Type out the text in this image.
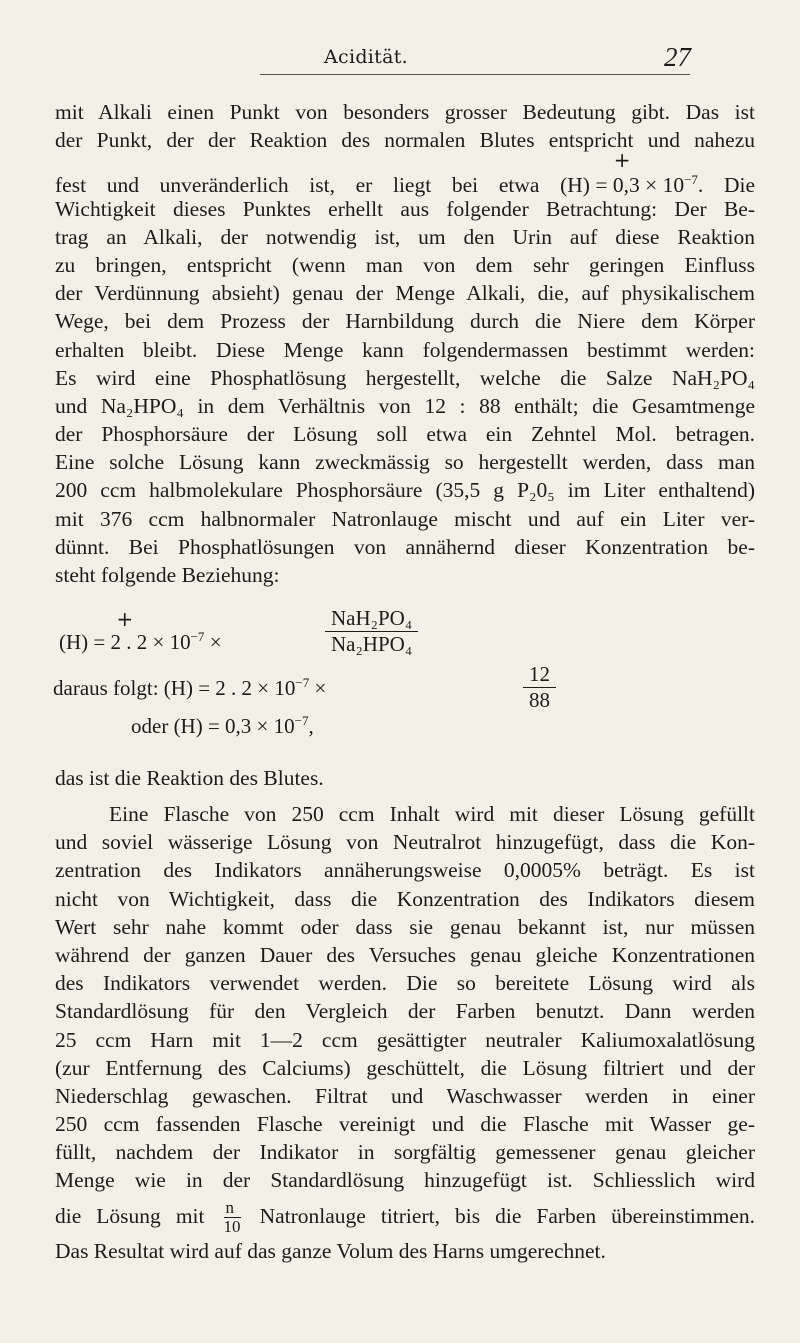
Acidität.	27
mit Alkali einen Punkt von besonders grosser Bedeutung gibt. Das ist
der Punkt, der der Reaktion des normalen Blutes entspricht und nahezu
fest und unveränderlich ist, er liegt bei etwa
+
$(H) = 0,3 \times 10^{-7}$. Die
Wichtigkeit dieses Punktes erhellt aus folgender Betrachtung: Der Be-
trag an Alkali, der notwendig ist, um den Urin auf diese Reaktion
zu bringen, entspricht (wenn man von dem sehr geringen Einfluss
der Verdünnung absieht) genau der Menge Alkali, die, auf physikalischem
Wege, bei dem Prozess der Harnbildung durch die Niere dem Körper
erhalten bleibt. Diese Menge kann folgendermassen bestimmt werden:
Es wird eine Phosphatlösung hergestellt, welche die Salze NaH₂PO₄
und Na₂HPO₄ in dem Verhältnis von 12 : 88 enthält; die Gesamtmenge
der Phosphorsäure der Lösung soll etwa ein Zehntel Mol. betragen.
Eine solche Lösung kann zweckmässig so hergestellt werden, dass man
200 ccm halbmolekulare Phosphorsäure (35,5 g P₂0₅ im Liter enthaltend)
mit 376 ccm halbnormaler Natronlauge mischt und auf ein Liter ver-
dünnt. Bei Phosphatlösungen von annähernd dieser Konzentration be-
steht folgende Beziehung:
+
(H) = 2 . $2 \times 10^{-7}$ ×
NaH₂PO₄
Na₂HPO₄
daraus folgt: (H) = 2 . $2 \times 10^{-7}$ ×	$\frac{12}{88}$
oder $(H) = 0,3 \times 10^{-7}$,
das ist die Reaktion des Blutes.
Eine Flasche von 250 ccm Inhalt wird mit dieser Lösung gefüllt
und soviel wässerige Lösung von Neutralrot hinzugefügt, dass die Kon-
zentration des Indikators annäherungsweise 0,0005% beträgt. Es ist
nicht von Wichtigkeit, dass die Konzentration des Indikators diesem
Wert sehr nahe kommt oder dass sie genau bekannt ist, nur müssen
während der ganzen Dauer des Versuches genau gleiche Konzentrationen
des Indikators verwendet werden. Die so bereitete Lösung wird als
Standardlösung für den Vergleich der Farben benutzt. Dann werden
25 ccm Harn mit 1—2 ccm gesättigter neutraler Kaliumoxalatlösung
(zur Entfernung des Calciums) geschüttelt, die Lösung filtriert und der
Niederschlag gewaschen. Filtrat und Waschwasser werden in einer
250 ccm fassenden Flasche vereinigt und die Flasche mit Wasser ge-
füllt, nachdem der Indikator in sorgfältig gemessener genau gleicher
Menge wie in der Standardlösung hinzugefügt ist. Schliesslich wird
die Lösung mit $\frac{n}{10}$ Natronlauge titriert, bis die Farben übereinstimmen.
Das Resultat wird auf das ganze Volum des Harns umgerechnet.
